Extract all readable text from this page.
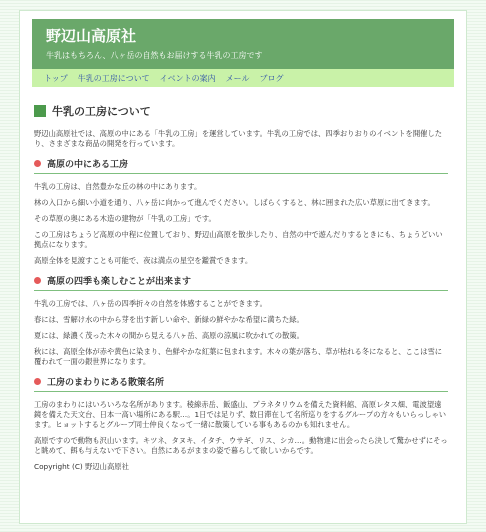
野辺山高原社
牛乳はもちろん、八ヶ岳の自然もお届けする牛乳の工房です
トップ 牛乳の工房について イベントの案内 メール ブログ
牛乳の工房について

野辺山高原社では、高原の中にある「牛乳の工房」を運営しています。牛乳の工房では、四季おりおりのイベントを開催したり、さまざまな商品の開発を行っています。

高原の中にある工房

牛乳の工房は、自然豊かな丘の林の中にあります。

林の入口から細い小道を通り、八ヶ岳に向かって進んでください。しばらくすると、林に囲まれた広い草原に出てきます。

その草原の奥にある木造の建物が「牛乳の工房」です。

この工房はちょうど高原の中程に位置しており、野辺山高原を散歩したり、自然の中で遊んだりするときにも、ちょうどいい拠点になります。

高原全体を見渡すことも可能で、夜は満点の星空を鑑賞できます。

高原の四季も楽しむことが出来ます

牛乳の工房では、八ヶ岳の四季折々の自然を体感することができます。

春には、雪解け水の中から芽を出す新しい命や、新緑の鮮やかな希望に満ちた緑。

夏には、緑濃く茂った木々の間から見える八ヶ岳、高原の涼風に吹かれての散策。

秋には、高原全体が赤や黄色に染まり、色鮮やかな紅葉に包まれます。木々の葉が落ち、草が枯れる冬になると、ここは雪に覆われて一面の銀世界になります。

工房のまわりにある散策名所

工房のまわりにはいろいろな名所があります。稜線赤岳、飯盛山、プラネタリウムを備えた資料館、高原レタス畑、電波望遠鏡を備えた天文台、日本一高い場所にある駅…。1日では足りず、数日滞在して名所巡りをするグループの方々もいらっしゃいます。ヒョットするとグループ同士仲良くなって一緒に散策している事もあるのかも知れません。

高原ですので動物も沢山います。キツネ、タヌキ、イタチ、ウサギ、リス、シカ…。動物達に出会ったら決して驚かせずにそっと眺めて、餌も与えないで下さい。自然にあるがままの姿で暮らして欲しいからです。

Copyright (C) 野辺山高原社
